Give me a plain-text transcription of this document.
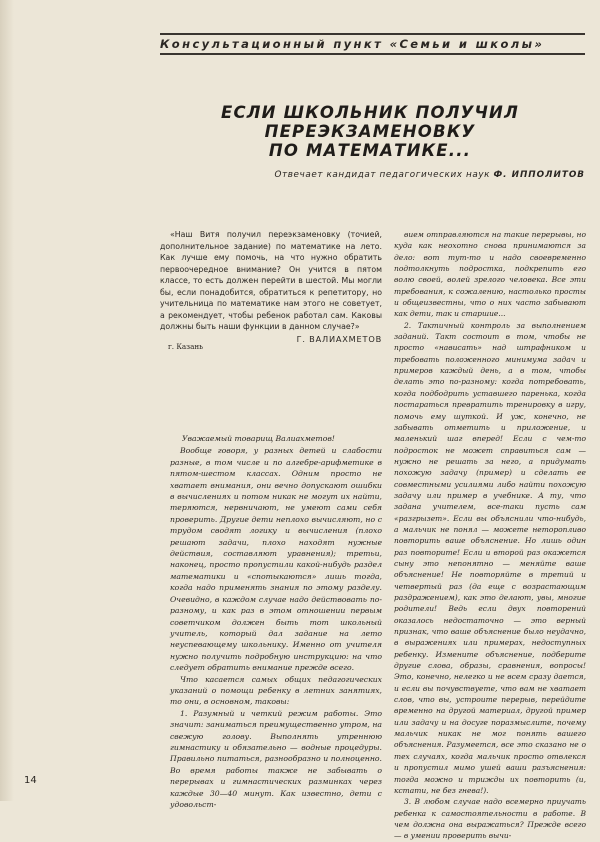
Консультационный пункт «Семьи и школы»
ЕСЛИ ШКОЛЬНИК ПОЛУЧИЛ ПЕРЕЭКЗАМЕНОВКУ
ПО МАТЕМАТИКЕ...
Отвечает кандидат педагогических наук Ф. ИППОЛИТОВ

«Наш Витя получил переэкзаменовку (точией, дополнительное задание) по математике на лето. Как лучше ему помочь, на что нужно обратить первоочередное внимание? Он учится в пятом классе, то есть должен перейти в шестой. Мы могли бы, если понадобится, обратиться к репетитору, но учительница по математике нам этого не советует, а рекомендует, чтобы ребенок работал сам. Каковы должны быть наши функции в данном случае?»

Г. ВАЛИАХМЕТОВ
г. Казань

Уважаемый товарищ Валиахметов!

Вообще говоря, у разных детей и слабости разные, в том числе и по алгебре-арифметике в пятом-шестом классах. Одним просто не хватает внимания, они вечно допускают ошибки в вычислениях и потом никак не могут их найти, теряются, нервничают, не умеют сами себя проверить. Другие дети неплохо вычисляют, но с трудом сводят логику и вычисления (плохо решают задачи, плохо находят нужные действия, составляют уравнения); третьи, наконец, просто пропустили какой-нибудь раздел математики и «спотыкаются» лишь тогда, когда надо применять знания по этому разделу. Очевидно, в каждом случае надо действовать по-разному, и как раз в этом отношении первым советчиком должен быть тот школьный учитель, который дал задание на лето неуспевающему школьнику. Именно от учителя нужно получить подробную инструкцию: на что следует обратить внимание прежде всего.

Что касается самых общих педагогических указаний о помощи ребенку в летних занятиях, то они, в основном, таковы:

1. Разумный и четкий режим работы. Это значит: заниматься преимущественно утром, на свежую голову. Выполнять утреннюю гимнастику и обязательно — водные процедуры. Правильно питаться, разнообразно и полноценно. Во время работы также не забывать о перерывах и гимнастических разминках через каждые 30—40 минут. Как известно, дети с удовольст-

вием отправляются на такие перерывы, но куда как неохотно снова принимаются за дело: вот тут-то и надо своевременно подтолкнуть подростка, подкрепить его волю своей, волей зрелого человека. Все эти требования, к сожалению, настолько просты и общеизвестны, что о них часто забывают как дети, так и старшие...

2. Тактичный контроль за выполнением заданий. Такт состоит в том, чтобы не просто «нависать» над штрафником и требовать положенного минимума задач и примеров каждый день, а в том, чтобы делать это по-разному: когда потребовать, когда подбодрить уставшего паренька, когда постараться превратить тренировку в игру, помочь ему шуткой. И уж, конечно, не забывать отметить и приложение, и маленький шаг вперед! Если с чем-то подросток не может справиться сам — нужно не решать за него, а придумать похожую задачу (пример) и сделать ее совместными усилиями либо найти похожую задачу или пример в учебнике. А ту, что задана учителем, все-таки пусть сам «разгрызет». Если вы объяснили что-нибудь, а мальчик не понял — можете неторопливо повторить ваше объяснение. Но лишь один раз повторите! Если и второй раз окажется сыну это непонятно — меняйте ваше объяснение! Не повторяйте в третий и четвертый раз (да еще с возрастающим раздражением), как это делают, увы, многие родители! Ведь если двух повторений оказалось недостаточно — это верный признак, что ваше объяснение было неудачно, в выражениях или примерах, недоступных ребенку. Измените объяснение, подберите другие слова, образы, сравнения, вопросы! Это, конечно, нелегко и не всем сразу дается, и если вы почувствуете, что вам не хватает слов, что вы, устроите перерыв, перейдите временно на другой материал, другой пример или задачу и на досуге поразмыслите, почему мальчик никак не мог понять вашего объяснения. Разумеется, все это сказано не о тех случаях, когда мальчик просто отвлекся и пропустил мимо ушей ваши разъяснения: тогда можно и трижды их повторить (и, кстати, не без гнева!).

3. В любом случае надо всемерно приучать ребенка к самостоятельности в работе. В чем должна она выражаться? Прежде всего — в умении проверить вычи-

14
